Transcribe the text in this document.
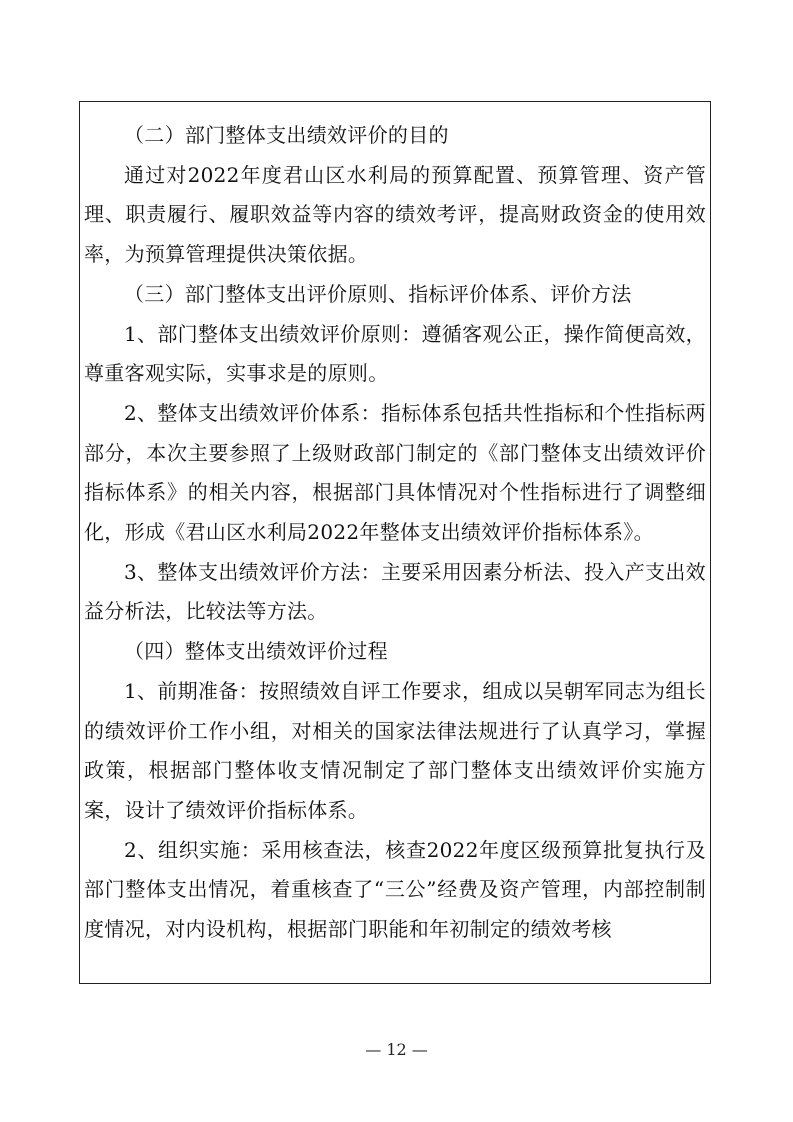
（二）部门整体支出绩效评价的目的

通过对2022年度君山区水利局的预算配置、预算管理、资产管理、职责履行、履职效益等内容的绩效考评，提高财政资金的使用效率，为预算管理提供决策依据。

（三）部门整体支出评价原则、指标评价体系、评价方法

1、部门整体支出绩效评价原则：遵循客观公正，操作简便高效，尊重客观实际，实事求是的原则。

2、整体支出绩效评价体系：指标体系包括共性指标和个性指标两部分，本次主要参照了上级财政部门制定的《部门整体支出绩效评价指标体系》的相关内容，根据部门具体情况对个性指标进行了调整细化，形成《君山区水利局2022年整体支出绩效评价指标体系》。

3、整体支出绩效评价方法：主要采用因素分析法、投入产支出效益分析法，比较法等方法。

（四）整体支出绩效评价过程

1、前期准备：按照绩效自评工作要求，组成以吴朝军同志为组长的绩效评价工作小组，对相关的国家法律法规进行了认真学习，掌握政策，根据部门整体收支情况制定了部门整体支出绩效评价实施方案，设计了绩效评价指标体系。

2、组织实施：采用核查法，核查2022年度区级预算批复执行及部门整体支出情况，着重核查了“三公”经费及资产管理，内部控制制度情况，对内设机构，根据部门职能和年初制定的绩效考核

— 12 —
